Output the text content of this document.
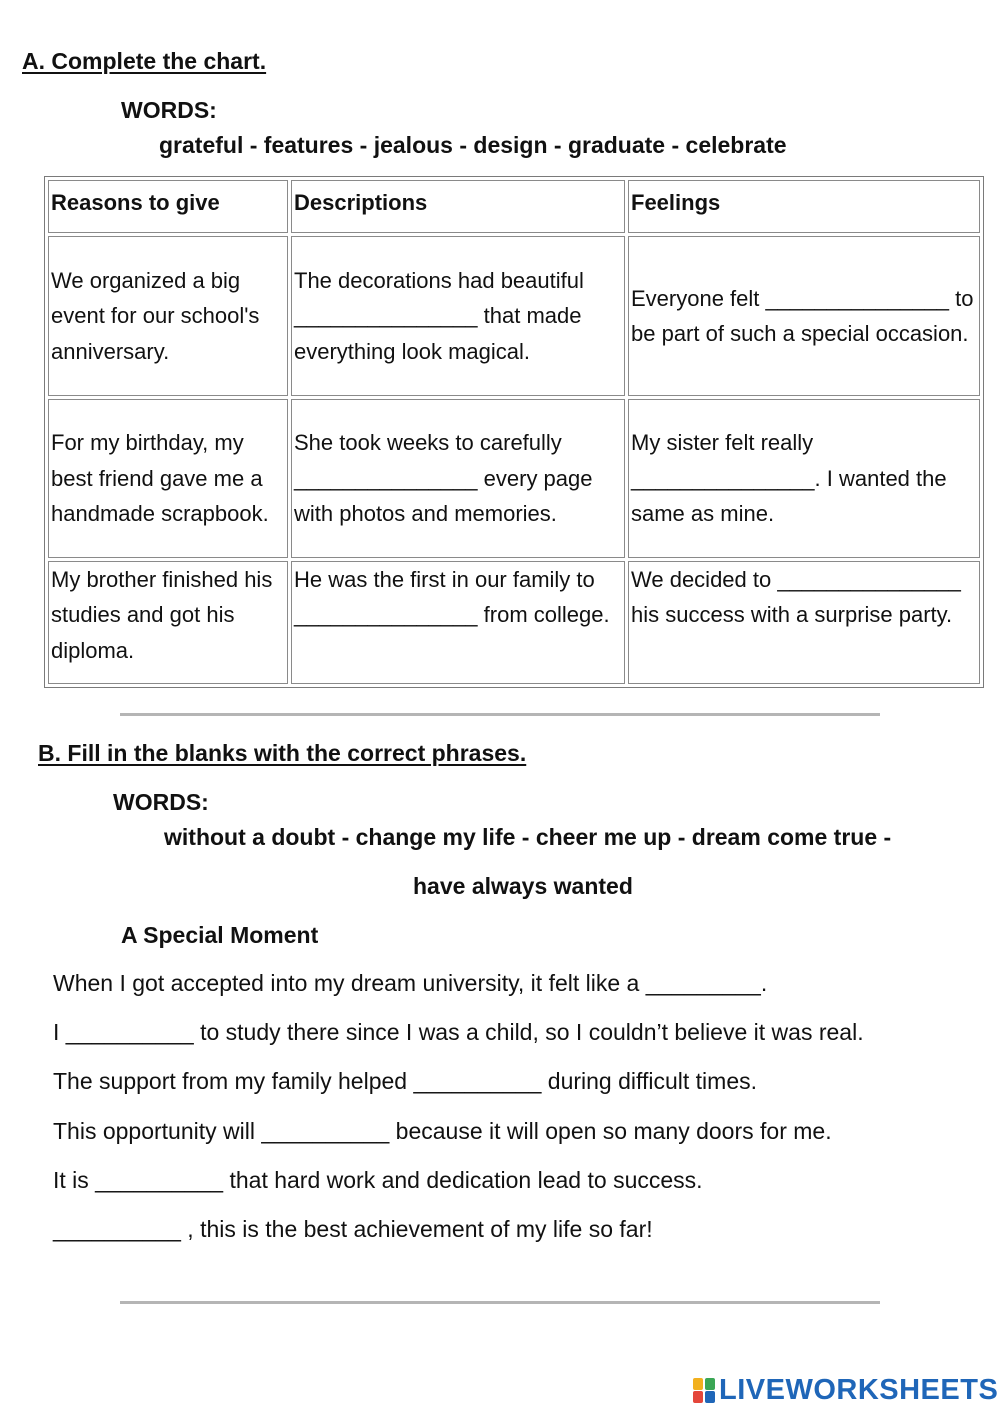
A. Complete the chart.
WORDS:
grateful - features - jealous - design - graduate - celebrate
Reasons to give	Descriptions	Feelings
We organized a big event for our school's anniversary.	The decorations had beautiful _______________ that made everything look magical.	Everyone felt _______________ to be part of such a special occasion.
For my birthday, my best friend gave me a handmade scrapbook.	She took weeks to carefully _______________ every page with photos and memories.	My sister felt really _______________. I wanted the same as mine.
My brother finished his studies and got his diploma.	He was the first in our family to _______________ from college.	We decided to _______________ his success with a surprise party.
B. Fill in the blanks with the correct phrases.
WORDS:
without a doubt - change my life - cheer me up - dream come true -
have always wanted
A Special Moment
When I got accepted into my dream university, it felt like a _________.
I __________ to study there since I was a child, so I couldn’t believe it was real.
The support from my family helped __________ during difficult times.
This opportunity will __________ because it will open so many doors for me.
It is __________ that hard work and dedication lead to success.
__________ , this is the best achievement of my life so far!
LIVEWORKSHEETS
